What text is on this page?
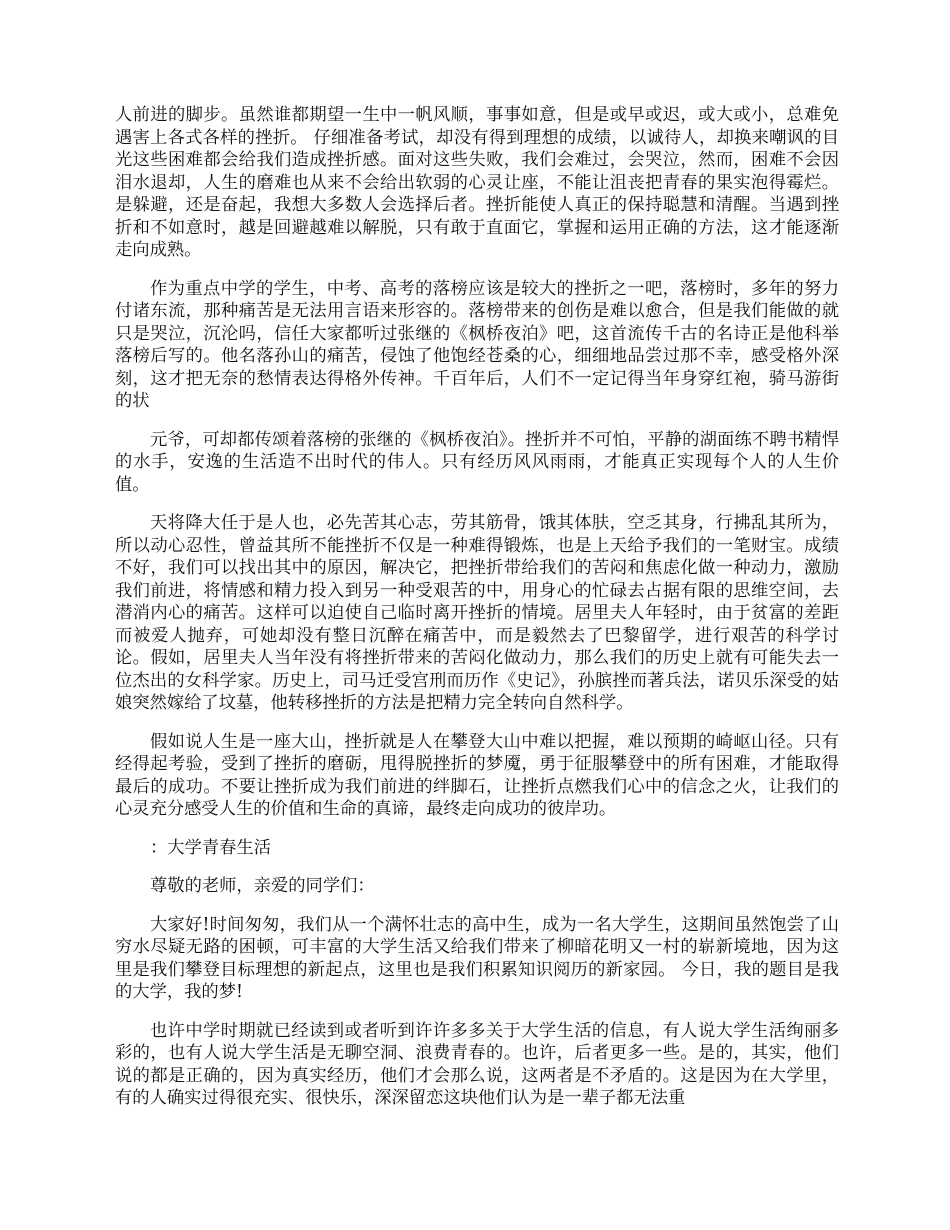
人前进的脚步。虽然谁都期望一生中一帆风顺，事事如意，但是或早或迟，或大或小，总难免遇害上各式各样的挫折。 仔细准备考试，却没有得到理想的成绩，以诚待人，却换来嘲讽的目光这些困难都会给我们造成挫折感。面对这些失败，我们会难过，会哭泣，然而，困难不会因泪水退却，人生的磨难也从来不会给出软弱的心灵让座，不能让沮丧把青春的果实泡得霉烂。是躲避，还是奋起，我想大多数人会选择后者。挫折能使人真正的保持聪慧和清醒。当遇到挫折和不如意时，越是回避越难以解脱，只有敢于直面它，掌握和运用正确的方法，这才能逐渐走向成熟。

作为重点中学的学生，中考、高考的落榜应该是较大的挫折之一吧，落榜时，多年的努力付诸东流，那种痛苦是无法用言语来形容的。落榜带来的创伤是难以愈合，但是我们能做的就只是哭泣，沉沦吗，信任大家都听过张继的《枫桥夜泊》吧，这首流传千古的名诗正是他科举落榜后写的。他名落孙山的痛苦，侵蚀了他饱经苍桑的心，细细地品尝过那不幸，感受格外深刻，这才把无奈的愁情表达得格外传神。千百年后，人们不一定记得当年身穿红袍，骑马游街的状

元爷，可却都传颂着落榜的张继的《枫桥夜泊》。挫折并不可怕，平静的湖面练不聘书精悍的水手，安逸的生活造不出时代的伟人。只有经历风风雨雨，才能真正实现每个人的人生价值。

天将降大任于是人也，必先苦其心志，劳其筋骨，饿其体肤，空乏其身，行拂乱其所为，所以动心忍性，曾益其所不能挫折不仅是一种难得锻炼，也是上天给予我们的一笔财宝。成绩不好，我们可以找出其中的原因，解决它，把挫折带给我们的苦闷和焦虑化做一种动力，激励我们前进，将情感和精力投入到另一种受艰苦的中，用身心的忙碌去占据有限的思维空间，去潜消内心的痛苦。这样可以迫使自己临时离开挫折的情境。居里夫人年轻时，由于贫富的差距而被爱人抛弃，可她却没有整日沉醉在痛苦中，而是毅然去了巴黎留学，进行艰苦的科学讨论。假如，居里夫人当年没有将挫折带来的苦闷化做动力，那么我们的历史上就有可能失去一位杰出的女科学家。历史上，司马迁受宫刑而历作《史记》，孙膑挫而著兵法，诺贝乐深受的姑娘突然嫁给了坟墓，他转移挫折的方法是把精力完全转向自然科学。

假如说人生是一座大山，挫折就是人在攀登大山中难以把握，难以预期的崎岖山径。只有经得起考验，受到了挫折的磨砺，甩得脱挫折的梦魇，勇于征服攀登中的所有困难，才能取得最后的成功。不要让挫折成为我们前进的绊脚石，让挫折点燃我们心中的信念之火，让我们的心灵充分感受人生的价值和生命的真谛，最终走向成功的彼岸功。

：大学青春生活

尊敬的老师，亲爱的同学们：

大家好!时间匆匆，我们从一个满怀壮志的高中生，成为一名大学生，这期间虽然饱尝了山穷水尽疑无路的困顿，可丰富的大学生活又给我们带来了柳暗花明又一村的崭新境地，因为这里是我们攀登目标理想的新起点，这里也是我们积累知识阅历的新家园。 今日，我的题目是我的大学，我的梦!

也许中学时期就已经读到或者听到许许多多关于大学生活的信息，有人说大学生活绚丽多彩的，也有人说大学生活是无聊空洞、浪费青春的。也许，后者更多一些。是的，其实，他们说的都是正确的，因为真实经历，他们才会那么说，这两者是不矛盾的。这是因为在大学里，有的人确实过得很充实、很快乐，深深留恋这块他们认为是一辈子都无法重
